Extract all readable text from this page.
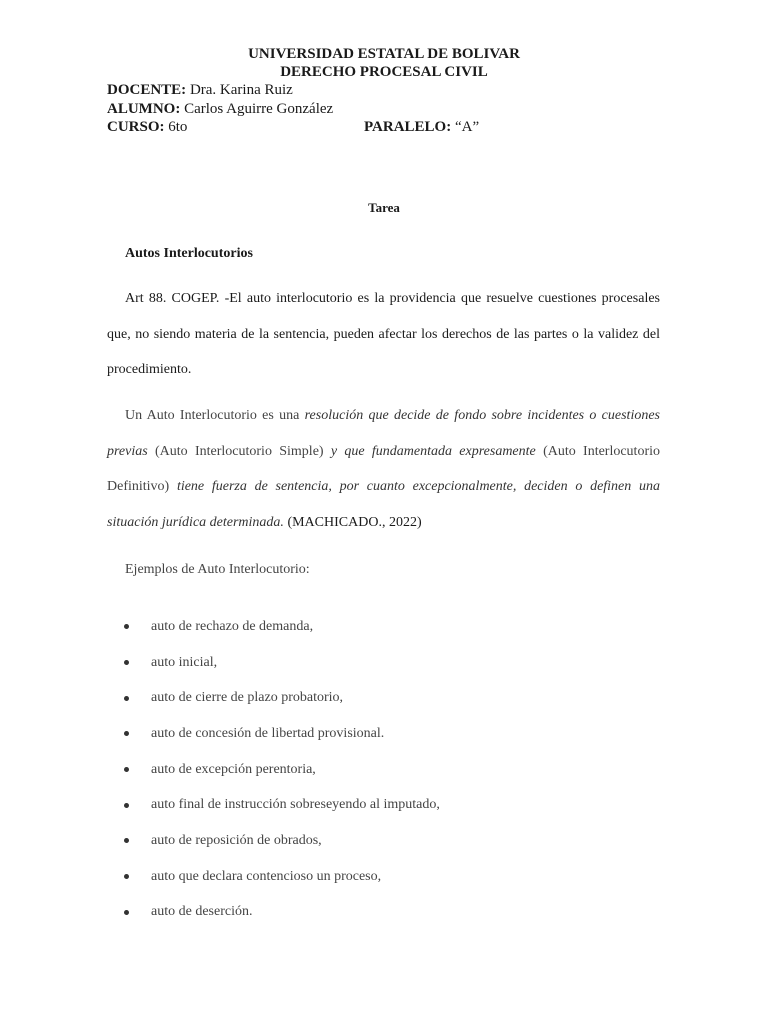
UNIVERSIDAD ESTATAL DE BOLIVAR
DERECHO PROCESAL CIVIL
DOCENTE: Dra. Karina Ruiz
ALUMNO: Carlos Aguirre González
CURSO: 6to	PARALELO: “A”
Tarea
Autos Interlocutorios

Art 88. COGEP. -El auto interlocutorio es la providencia que resuelve cuestiones procesales que, no siendo materia de la sentencia, pueden afectar los derechos de las partes o la validez del procedimiento.

Un Auto Interlocutorio es una resolución que decide de fondo sobre incidentes o cuestiones previas (Auto Interlocutorio Simple) y que fundamentada expresamente (Auto Interlocutorio Definitivo) tiene fuerza de sentencia, por cuanto excepcionalmente, deciden o definen una situación jurídica determinada. (MACHICADO., 2022)

Ejemplos de Auto Interlocutorio:
auto de rechazo de demanda,
auto inicial,
auto de cierre de plazo probatorio,
auto de concesión de libertad provisional.
auto de excepción perentoria,
auto final de instrucción sobreseyendo al imputado,
auto de reposición de obrados,
auto que declara contencioso un proceso,
auto de deserción.
